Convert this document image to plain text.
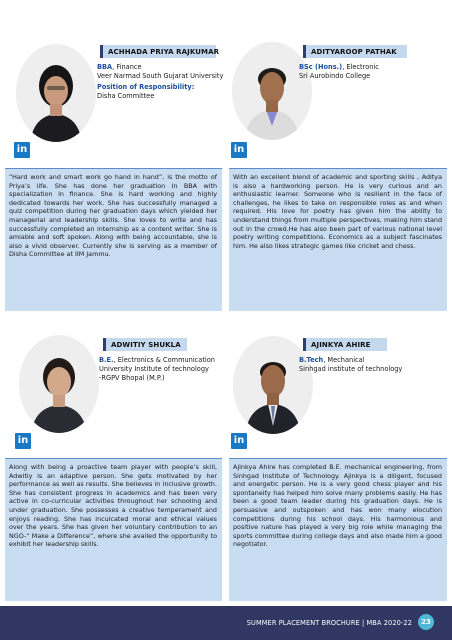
ACHHADA PRIYA RAJKUMAR
BBA, Finance
Veer Narmad South Gujarat University
Position of Responsibility:
Disha Committee
in
“Hard work and smart work go hand in hand”, is the motto of Priya’s life. She has done her graduation In BBA with specialization in finance. She is hard working and highly dedicated towards her work. She has successfully managed a quiz competition during her graduation days which yielded her managerial and leadership skills. She loves to write and has successfully completed an internship as a content writer. She is amiable and soft spoken. Along with being accountable, she is also a vivid observer. Currently she is serving as a member of Disha Committee at IIM Jammu.
ADITYAROOP PATHAK
BSc (Hons.), Electronic
Sri Aurobindo College
in
With an excellent blend of academic and sporting skills , Aditya is also a hardworking person. He is very curious and an enthusiastic learner. Someone who is resilient in the face of challenges, he likes to take on responsible roles as and when required. His love for poetry has given him the ability to understand things from multiple perspectives, making him stand out in the crowd.He has also been part of various national level poetry writing competitions. Economics as a subject fascinates him. He also likes strategic games like cricket and chess.
ADWITIY SHUKLA
B.E., Electronics & Communication
University Institute of technology
-RGPV Bhopal (M.P.)
in
Along with being a proactive team player with people’s skill, Adwitiy is an adaptive person. She gets motivated by her performance as well as results. She believes in inclusive growth. She has consistent progress in academics and has been very active in co-curricular activities throughout her schooling and under graduation. She possesses a creative temperament and enjoys reading. She has inculcated moral and ethical values over the years. She has given her voluntary contribution to an NGO-“ Make a Difference”, where she availed the opportunity to exhibit her leadership skills.
AJINKYA AHIRE
B.Tech, Mechanical
Sinhgad institute of technology
in
Ajinkya Ahire has completed B.E. mechanical engineering, from Sinhgad Institute of Technology. Ajinkya is a diligent, focused and energetic person. He is a very good chess player and his spontaneity has helped him solve many problems easily. He has been a good team leader during his graduation days. He is persuasive and outspoken and has won many elocution competitions during his school days. His harmonious and positive nature has played a very big role while managing the sports committee during college days and also made him a good negotiator.
SUMMER PLACEMENT BROCHURE | MBA 2020-22	23
